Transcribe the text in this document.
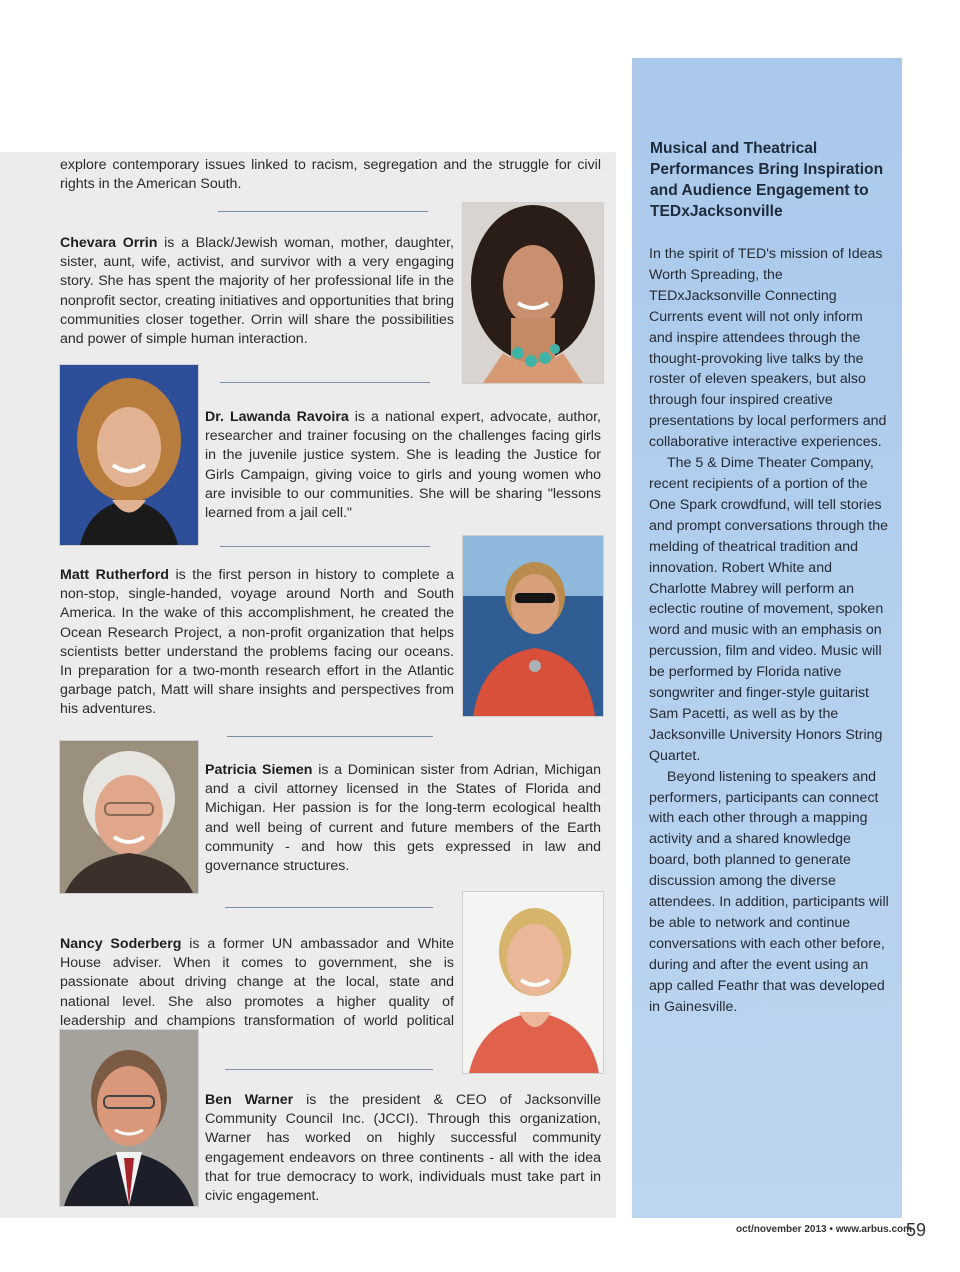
explore contemporary issues linked to racism, segregation and the struggle for civil rights in the American South.

Chevara Orrin is a Black/Jewish woman, mother, daughter, sister, aunt, wife, activist, and survivor with a very engaging story. She has spent the majority of her professional life in the nonprofit sector, creating initiatives and opportunities that bring communities closer together. Orrin will share the possibilities and power of simple human interaction.

Dr. Lawanda Ravoira is a national expert, advocate, author, researcher and trainer focusing on the challenges facing girls in the juvenile justice system. She is leading the Justice for Girls Campaign, giving voice to girls and young women who are invisible to our communities. She will be sharing "lessons learned from a jail cell."

Matt Rutherford is the first person in history to complete a non-stop, single-handed, voyage around North and South America. In the wake of this accomplishment, he created the Ocean Research Project, a non-profit organization that helps scientists better understand the problems facing our oceans. In preparation for a two-month research effort in the Atlantic garbage patch, Matt will share insights and perspectives from his adventures.

Patricia Siemen is a Dominican sister from Adrian, Michigan and a civil attorney licensed in the States of Florida and Michigan. Her passion is for the long-term ecological health and well being of current and future members of the Earth community - and how this gets expressed in law and governance structures.

Nancy Soderberg is a former UN ambassador and White House adviser. When it comes to government, she is passionate about driving change at the local, state and national level. She also promotes a higher quality of leadership and champions transformation of world political

Ben Warner is the president & CEO of Jacksonville Community Council Inc. (JCCI). Through this organization, Warner has worked on highly successful community engagement endeavors on three continents - all with the idea that for true democracy to work, individuals must take part in civic engagement.

Musical and Theatrical Performances Bring Inspiration and Audience Engagement to TEDxJacksonville

In the spirit of TED's mission of Ideas Worth Spreading, the TEDxJacksonville Connecting Currents event will not only inform and inspire attendees through the thought-provoking live talks by the roster of eleven speakers, but also through four inspired creative presentations by local performers and collaborative interactive experiences.

The 5 & Dime Theater Company, recent recipients of a portion of the One Spark crowdfund, will tell stories and prompt conversations through the melding of theatrical tradition and innovation. Robert White and Charlotte Mabrey will perform an eclectic routine of movement, spoken word and music with an emphasis on percussion, film and video. Music will be performed by Florida native songwriter and finger-style guitarist Sam Pacetti, as well as by the Jacksonville University Honors String Quartet.

Beyond listening to speakers and performers, participants can connect with each other through a mapping activity and a shared knowledge board, both planned to generate discussion among the diverse attendees. In addition, participants will be able to network and continue conversations with each other before, during and after the event using an app called Feathr that was developed in Gainesville.

oct/november 2013 • www.arbus.com
59
